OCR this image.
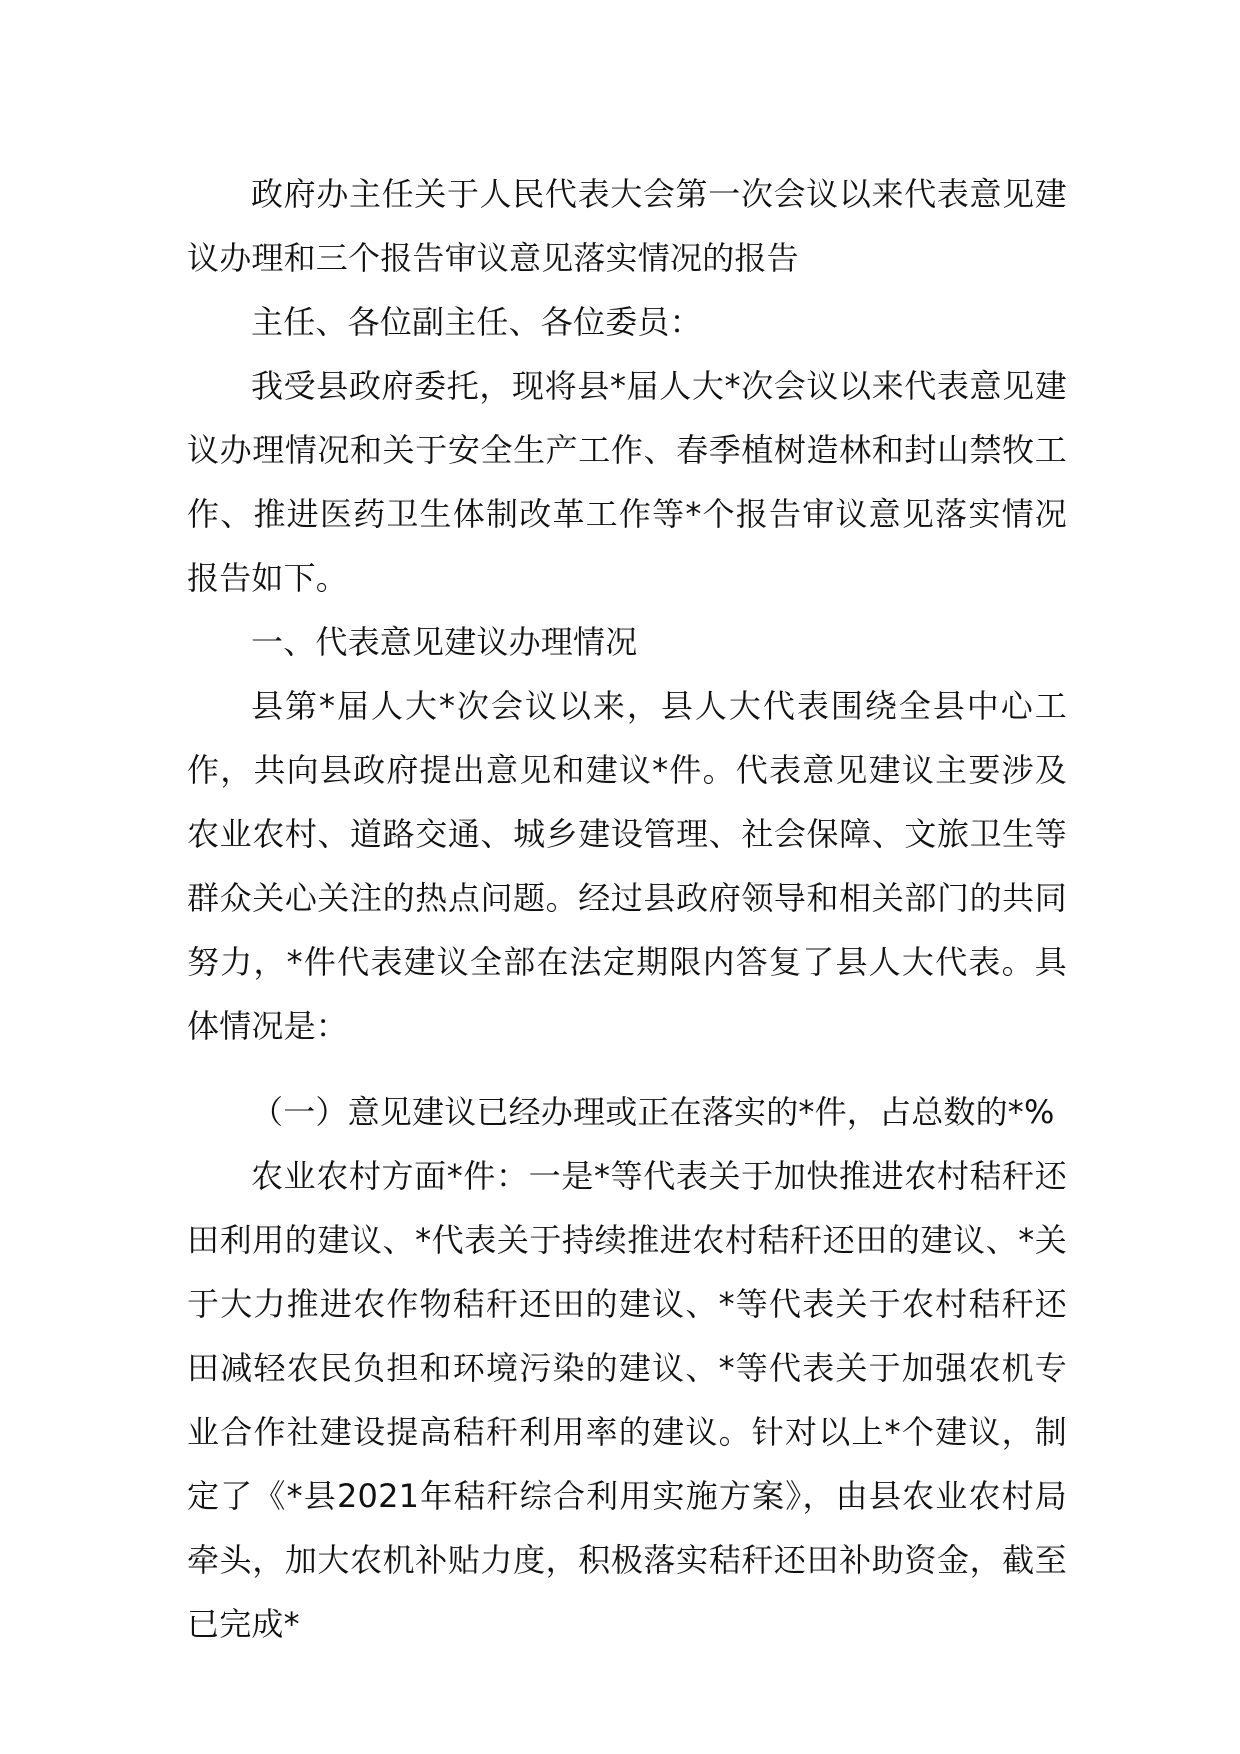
政府办主任关于人民代表大会第一次会议以来代表意见建议办理和三个报告审议意见落实情况的报告

主任、各位副主任、各位委员：

我受县政府委托，现将县*届人大*次会议以来代表意见建议办理情况和关于安全生产工作、春季植树造林和封山禁牧工作、推进医药卫生体制改革工作等*个报告审议意见落实情况报告如下。

一、代表意见建议办理情况

县第*届人大*次会议以来，县人大代表围绕全县中心工作，共向县政府提出意见和建议*件。代表意见建议主要涉及农业农村、道路交通、城乡建设管理、社会保障、文旅卫生等群众关心关注的热点问题。经过县政府领导和相关部门的共同努力，*件代表建议全部在法定期限内答复了县人大代表。具体情况是：

（一）意见建议已经办理或正在落实的*件，占总数的*%

农业农村方面*件：一是*等代表关于加快推进农村秸秆还田利用的建议、*代表关于持续推进农村秸秆还田的建议、*关于大力推进农作物秸秆还田的建议、*等代表关于农村秸秆还田减轻农民负担和环境污染的建议、*等代表关于加强农机专业合作社建设提高秸秆利用率的建议。针对以上*个建议，制定了《*县2021年秸秆综合利用实施方案》，由县农业农村局牵头，加大农机补贴力度，积极落实秸秆还田补助资金，截至已完成*
